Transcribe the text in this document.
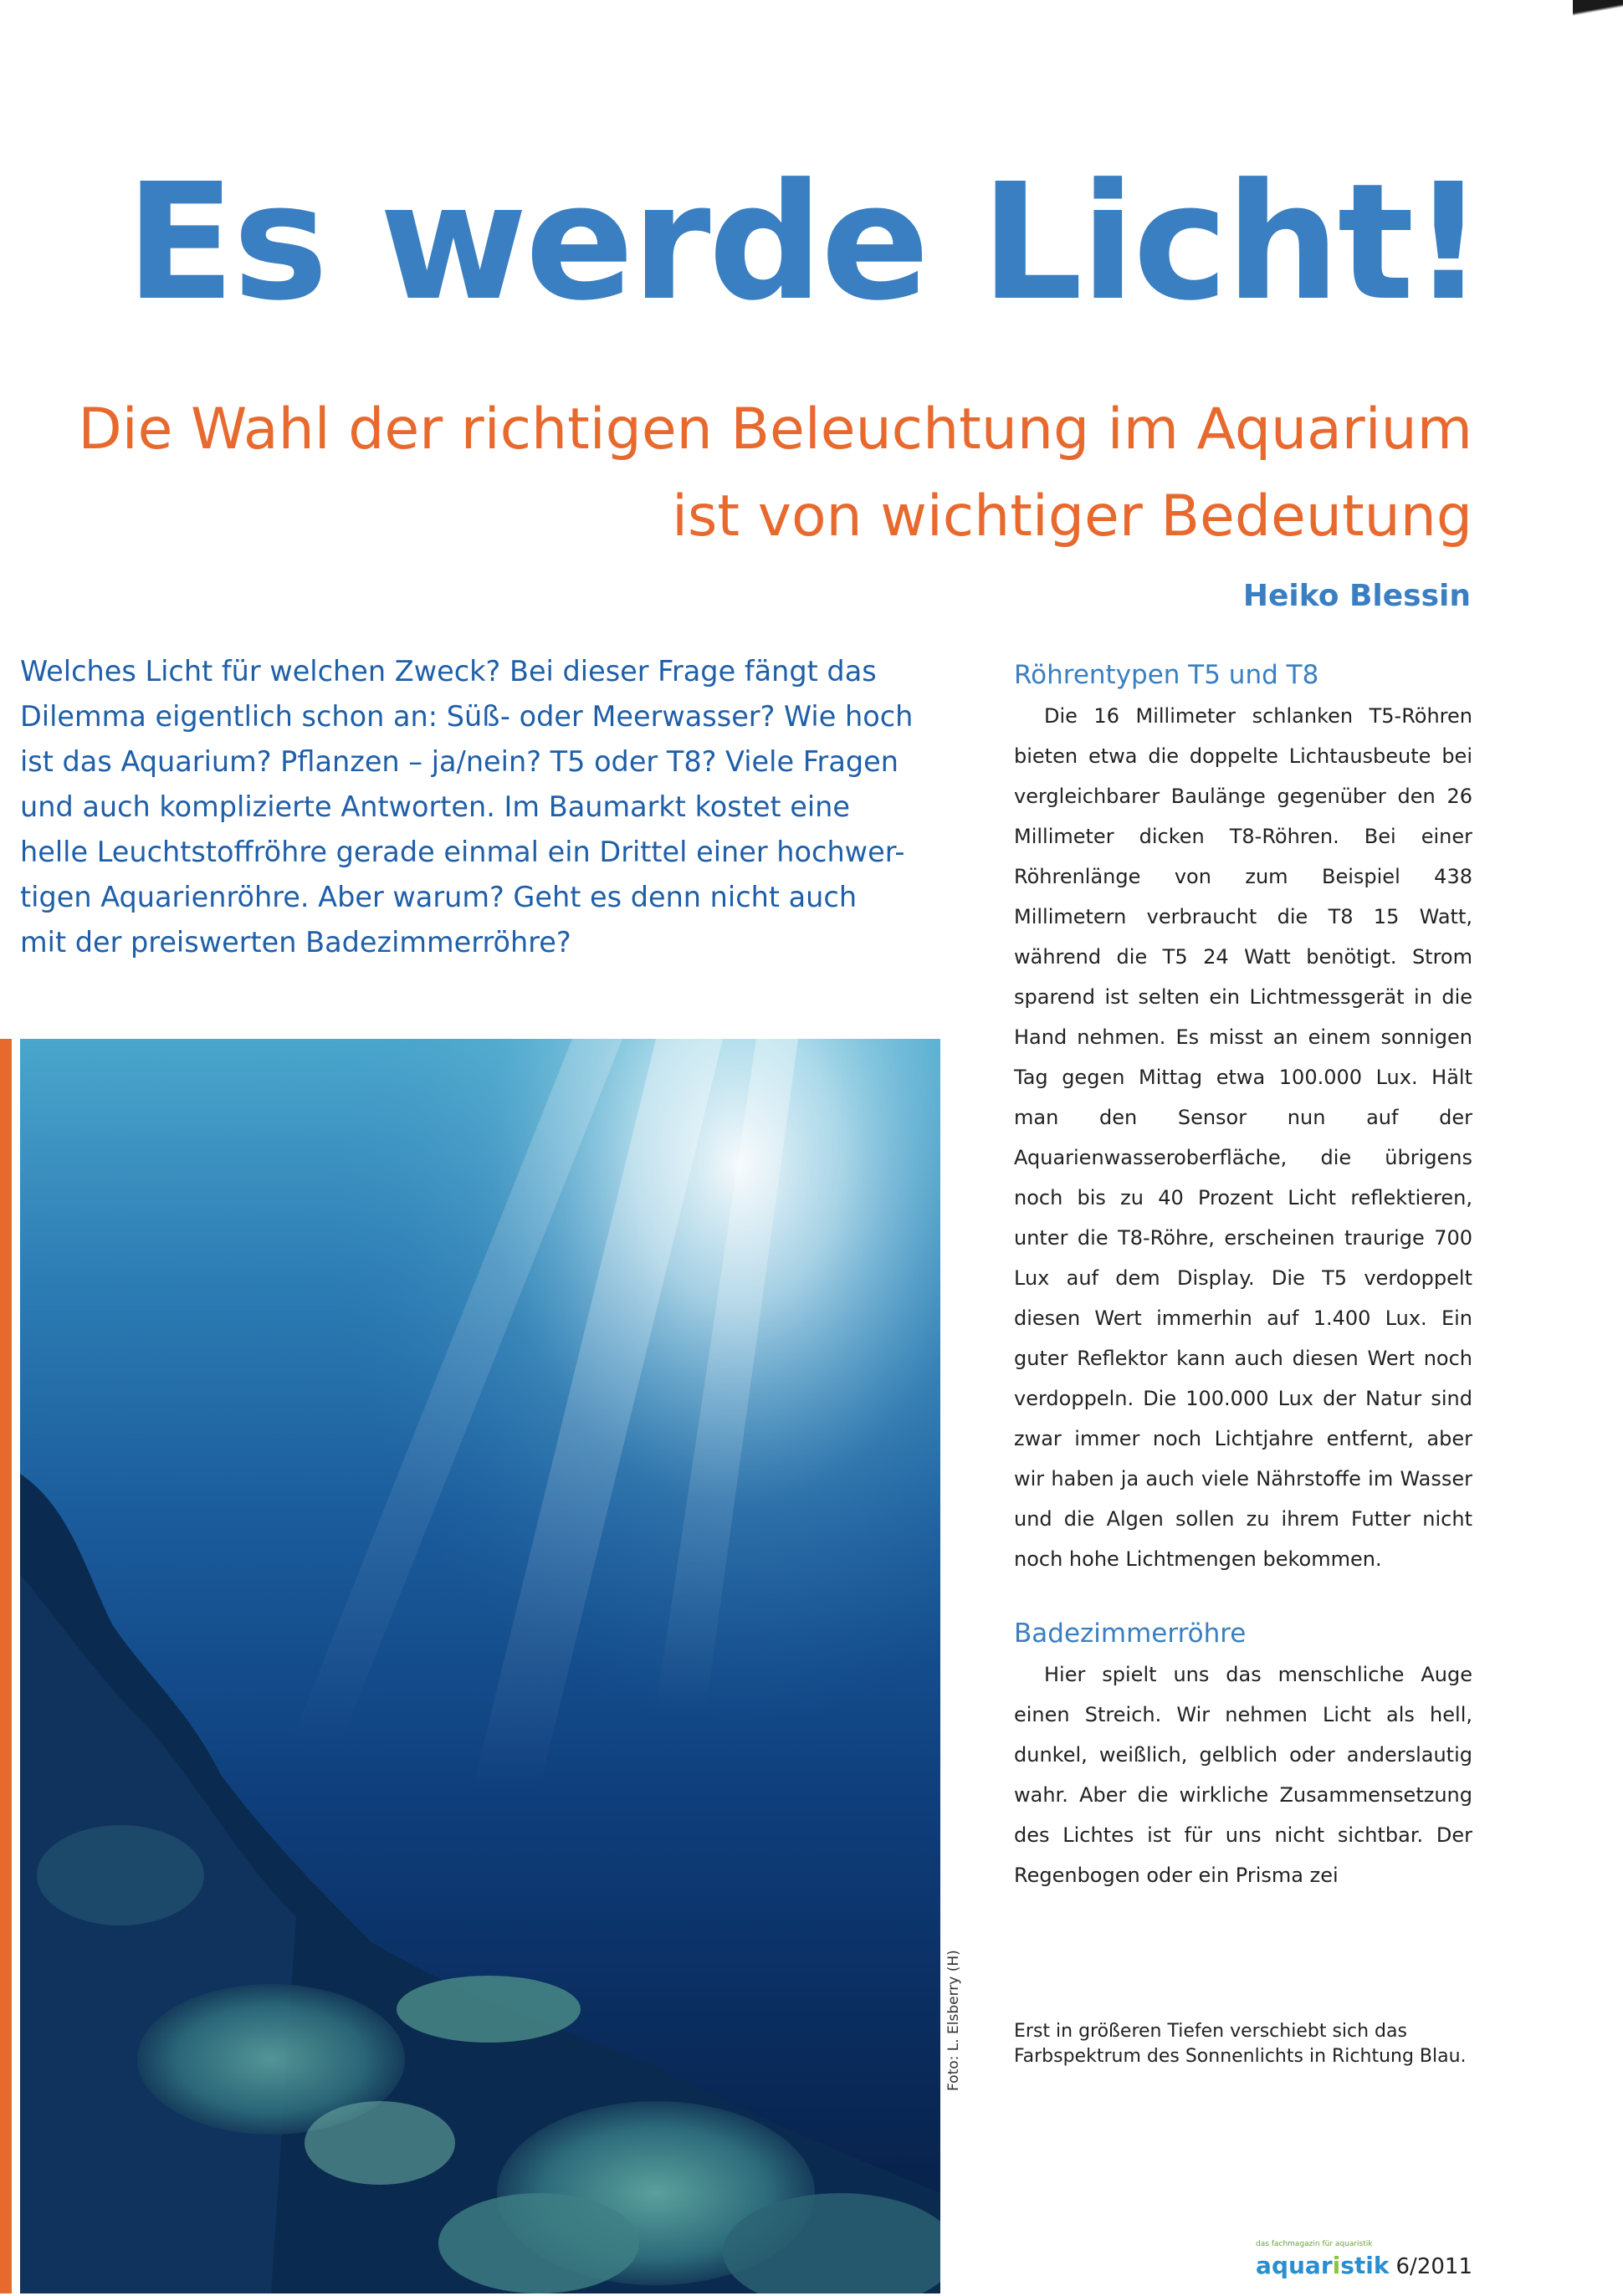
Es werde Licht!
Die Wahl der richtigen Beleuchtung im Aquarium
ist von wichtiger Bedeutung
Heiko Blessin

Welches Licht für welchen Zweck? Bei dieser Frage fängt das
Dilemma eigentlich schon an: Süß- oder Meerwasser? Wie hoch
ist das Aquarium? Pflanzen – ja/nein? T5 oder T8? Viele Fragen
und auch komplizierte Antworten. Im Baumarkt kostet eine
helle Leuchtstoffröhre gerade einmal ein Drittel einer hochwer-
tigen Aquarienröhre. Aber warum? Geht es denn nicht auch
mit der preiswerten Badezimmerröhre?

Foto: L. Elsberry (H)
Röhrentypen T5 und T8

Die 16 Millimeter schlanken T5-Röhren bieten etwa die doppelte Lichtausbeute bei vergleichbarer Baulänge gegenüber den 26 Millimeter dicken T8-Röhren. Bei einer Röhrenlänge von zum Beispiel 438 Millimetern verbraucht die T8 15 Watt, während die T5 24 Watt benötigt. Strom sparend ist selten ein Lichtmessgerät in die Hand nehmen. Es misst an einem sonnigen Tag gegen Mittag etwa 100.000 Lux. Hält man den Sensor nun auf der Aquarienwasseroberfläche, die übrigens noch bis zu 40 Prozent Licht reflektieren, unter die T8-Röhre, erscheinen traurige 700 Lux auf dem Display. Die T5 verdoppelt diesen Wert immerhin auf 1.400 Lux. Ein guter Reflektor kann auch diesen Wert noch verdoppeln. Die 100.000 Lux der Natur sind zwar immer noch Lichtjahre entfernt, aber wir haben ja auch viele Nährstoffe im Wasser und die Algen sollen zu ihrem Futter nicht noch hohe Lichtmengen bekommen.

Badezimmerröhre

Hier spielt uns das menschliche Auge einen Streich. Wir nehmen Licht als hell, dunkel, weißlich, gelblich oder anderslautig wahr. Aber die wirkliche Zusammensetzung des Lichtes ist für uns nicht sichtbar. Der Regenbogen oder ein Prisma zei

Erst in größeren Tiefen verschiebt sich das Farbspektrum des Sonnenlichts in Richtung Blau.

das fachmagazin für aquaristik
aquaristik 6/2011
